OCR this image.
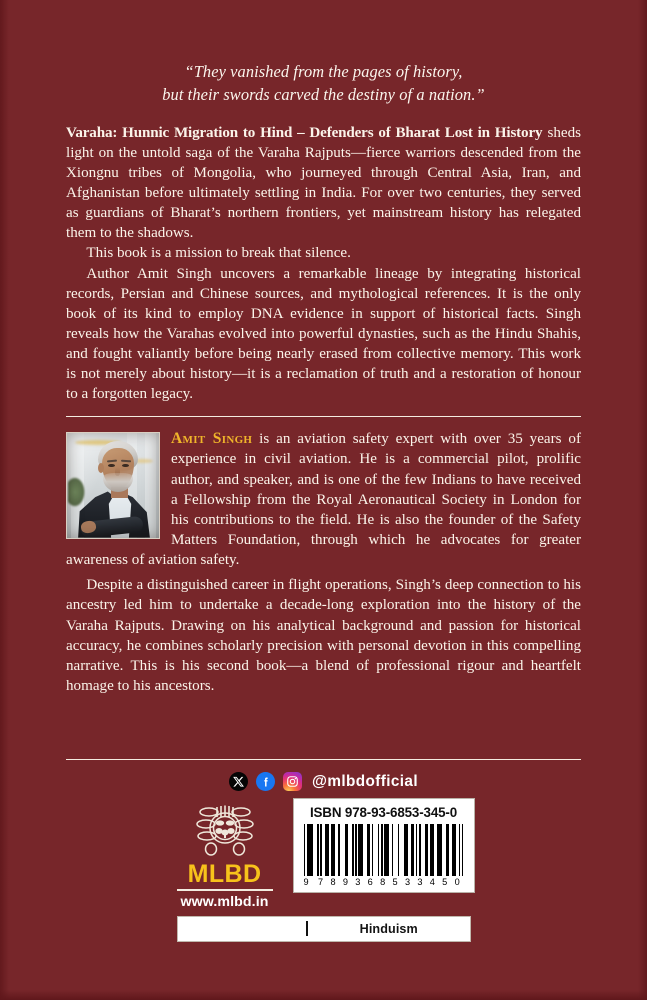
“They vanished from the pages of history,
but their swords carved the destiny of a nation.”

Varaha: Hunnic Migration to Hind – Defenders of Bharat Lost in History sheds light on the untold saga of the Varaha Rajputs—fierce warriors descended from the Xiongnu tribes of Mongolia, who journeyed through Central Asia, Iran, and Afghanistan before ultimately settling in India. For over two centuries, they served as guardians of Bharat’s northern frontiers, yet mainstream history has relegated them to the shadows.

This book is a mission to break that silence.

Author Amit Singh uncovers a remarkable lineage by integrating historical records, Persian and Chinese sources, and mythological references. It is the only book of its kind to employ DNA evidence in support of historical facts. Singh reveals how the Varahas evolved into powerful dynasties, such as the Hindu Shahis, and fought valiantly before being nearly erased from collective memory. This work is not merely about history—it is a reclamation of truth and a restoration of honour to a forgotten legacy.

Amit Singh is an aviation safety expert with over 35 years of experience in civil aviation. He is a commercial pilot, prolific author, and speaker, and is one of the few Indians to have received a Fellowship from the Royal Aeronautical Society in London for his contributions to the field. He is also the founder of the Safety Matters Foundation, through which he advocates for greater awareness of aviation safety.

Despite a distinguished career in flight operations, Singh’s deep connection to his ancestry led him to undertake a decade-long exploration into the history of the Varaha Rajputs. Drawing on his analytical background and passion for historical accuracy, he combines scholarly precision with personal devotion in this compelling narrative. This is his second book—a blend of professional rigour and heartfelt homage to his ancestors.

@mlbdofficial
MLBD
www.mlbd.in
ISBN 978-93-6853-345-0
9	7 8 9 3 6 8 5 3 3 4 5 0
Hinduism
